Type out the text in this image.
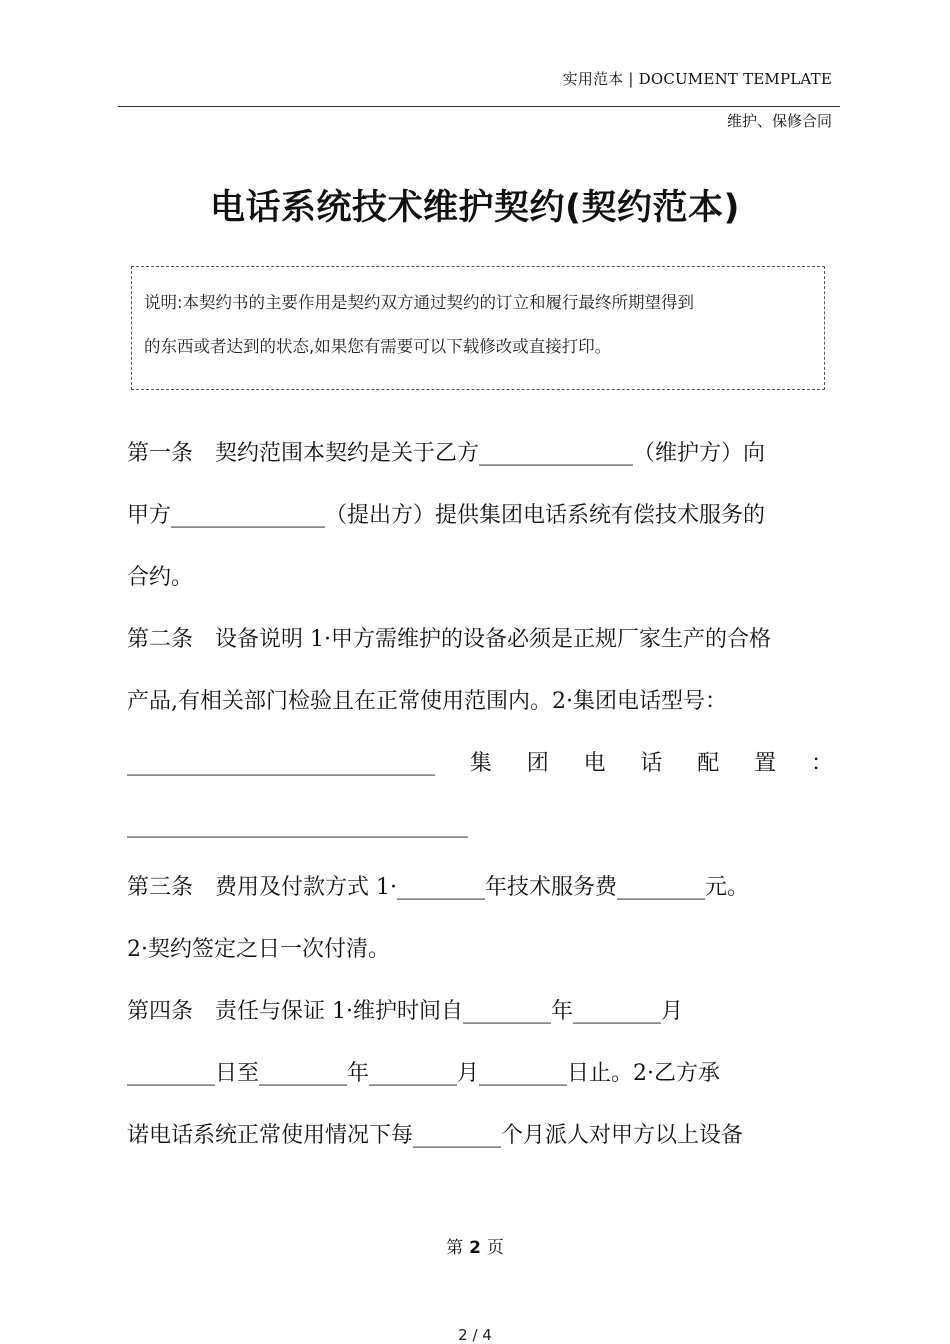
实用范本 | DOCUMENT TEMPLATE
维护、保修合同
电话系统技术维护契约(契约范本)
说明:本契约书的主要作用是契约双方通过契约的订立和履行最终所期望得到
的东西或者达到的状态,如果您有需要可以下载修改或直接打印。

第一条　契约范围本契约是关于乙方______________（维护方）向

甲方______________（提出方）提供集团电话系统有偿技术服务的

合约。

第二条　设备说明 1·甲方需维护的设备必须是正规厂家生产的合格

产品,有相关部门检验且在正常使用范围内。2·集团电话型号：

____________________________　集　团　电　话　配　置　：

_______________________________

第三条　费用及付款方式 1·________年技术服务费________元。

2·契约签定之日一次付清。

第四条　责任与保证 1·维护时间自________年________月

________日至________年________月________日止。2·乙方承

诺电话系统正常使用情况下每________个月派人对甲方以上设备

第 2 页
2 / 4
